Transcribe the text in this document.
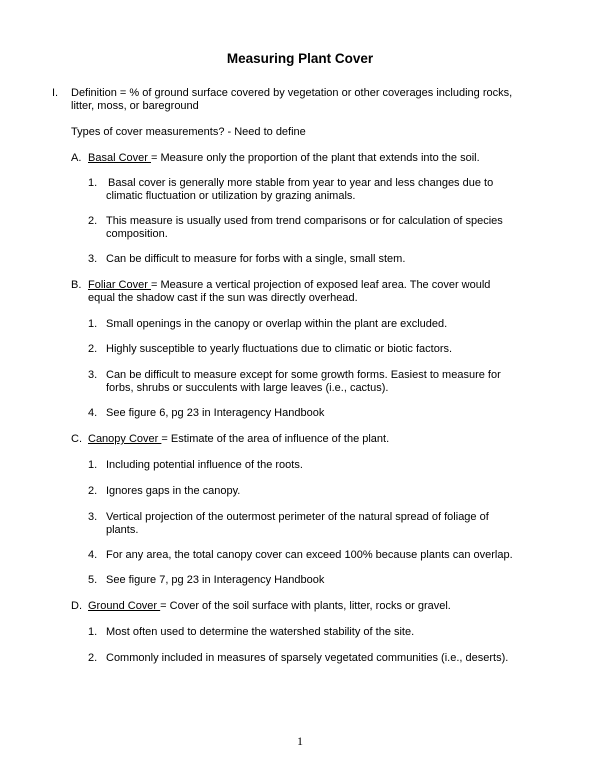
Measuring Plant Cover
I. Definition = % of ground surface covered by vegetation or other coverages including rocks,
litter, moss, or bareground
Types of cover measurements? - Need to define
A. Basal Cover = Measure only the proportion of the plant that extends into the soil.
1. Basal cover is generally more stable from year to year and less changes due to
climatic fluctuation or utilization by grazing animals.
2. This measure is usually used from trend comparisons or for calculation of species
composition.
3. Can be difficult to measure for forbs with a single, small stem.
B. Foliar Cover = Measure a vertical projection of exposed leaf area. The cover would
equal the shadow cast if the sun was directly overhead.
1. Small openings in the canopy or overlap within the plant are excluded.
2. Highly susceptible to yearly fluctuations due to climatic or biotic factors.
3. Can be difficult to measure except for some growth forms. Easiest to measure for
forbs, shrubs or succulents with large leaves (i.e., cactus).
4. See figure 6, pg 23 in Interagency Handbook
C. Canopy Cover = Estimate of the area of influence of the plant.
1. Including potential influence of the roots.
2. Ignores gaps in the canopy.
3. Vertical projection of the outermost perimeter of the natural spread of foliage of
plants.
4. For any area, the total canopy cover can exceed 100% because plants can overlap.
5. See figure 7, pg 23 in Interagency Handbook
D. Ground Cover = Cover of the soil surface with plants, litter, rocks or gravel.
1. Most often used to determine the watershed stability of the site.
2. Commonly included in measures of sparsely vegetated communities (i.e., deserts).
1
